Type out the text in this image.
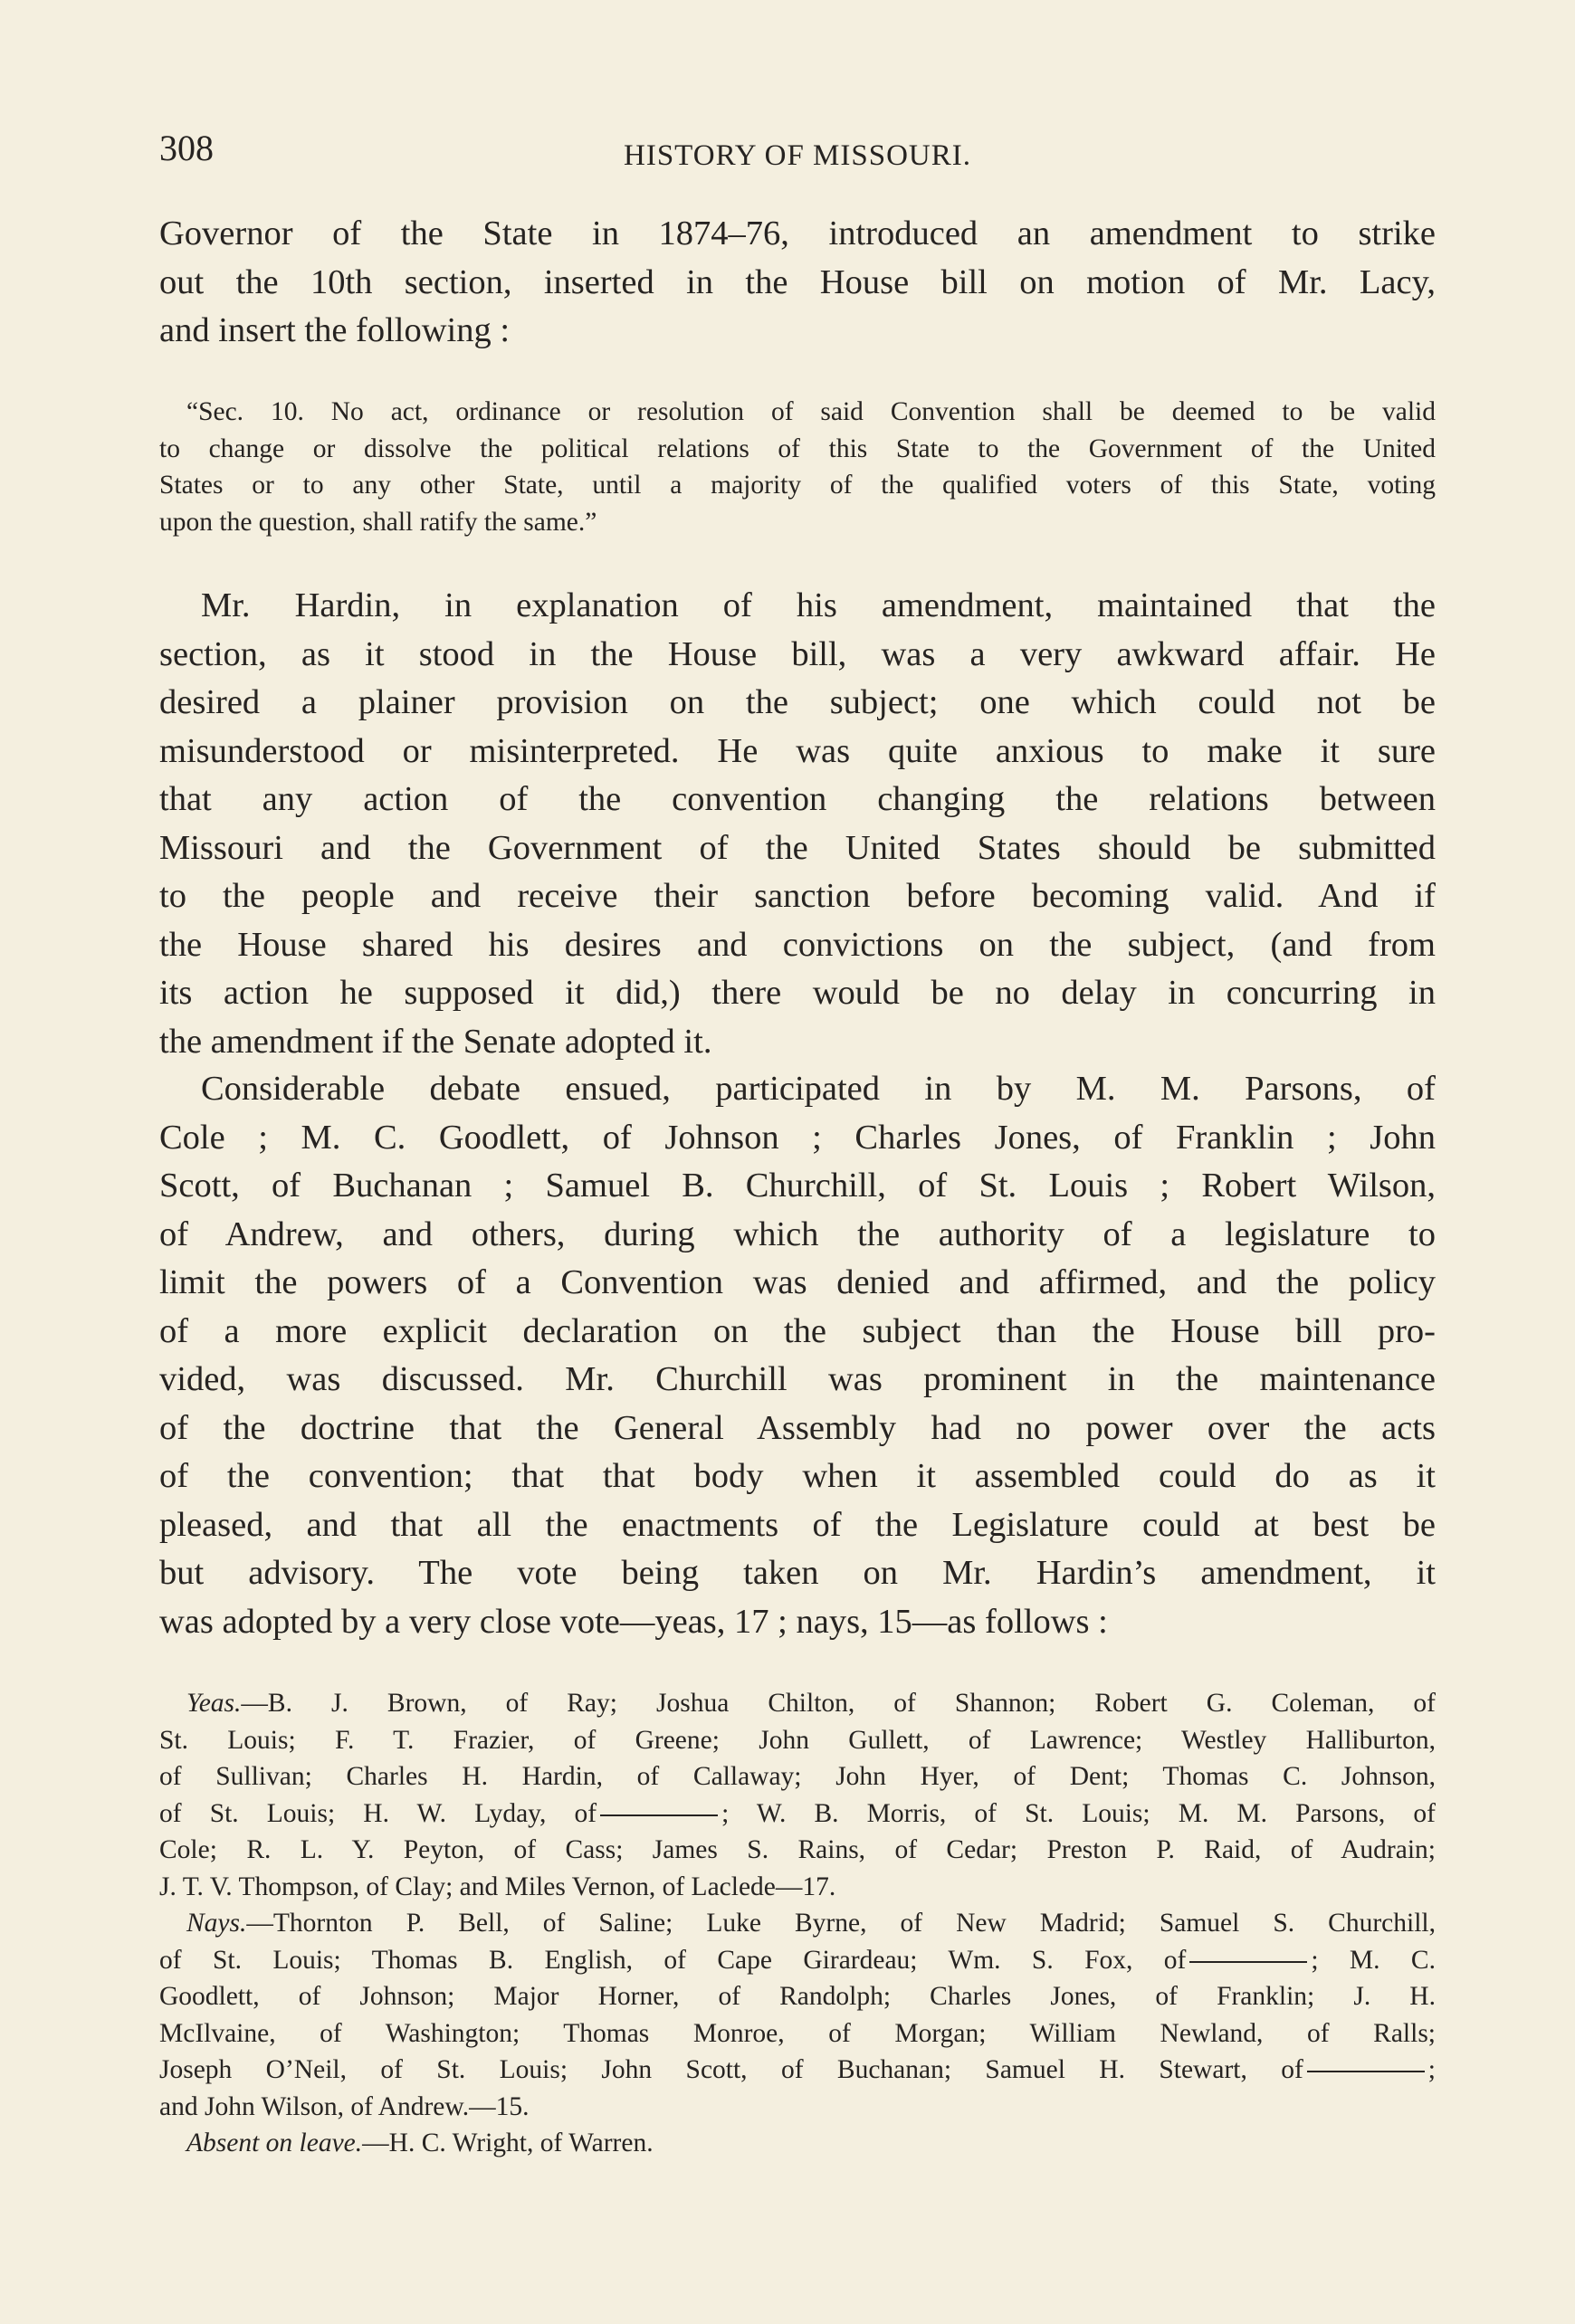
308	HISTORY OF MISSOURI.

Governor of the State in 1874–76, introduced an amendment to strike

out the 10th section, inserted in the House bill on motion of Mr. Lacy,

and insert the following :

“Sec. 10. No act, ordinance or resolution of said Convention shall be deemed to be valid

to change or dissolve the political relations of this State to the Government of the United

States or to any other State, until a majority of the qualified voters of this State, voting

upon the question, shall ratify the same.”

Mr. Hardin, in explanation of his amendment, maintained that the

section, as it stood in the House bill, was a very awkward affair. He

desired a plainer provision on the subject; one which could not be

misunderstood or misinterpreted. He was quite anxious to make it sure

that any action of the convention changing the relations between

Missouri and the Government of the United States should be submitted

to the people and receive their sanction before becoming valid. And if

the House shared his desires and convictions on the subject, (and from

its action he supposed it did,) there would be no delay in concurring in

the amendment if the Senate adopted it.

Considerable debate ensued, participated in by M. M. Parsons, of

Cole ; M. C. Goodlett, of Johnson ; Charles Jones, of Franklin ; John

Scott, of Buchanan ; Samuel B. Churchill, of St. Louis ; Robert Wilson,

of Andrew, and others, during which the authority of a legislature to

limit the powers of a Convention was denied and affirmed, and the policy

of a more explicit declaration on the subject than the House bill pro-

vided, was discussed. Mr. Churchill was prominent in the maintenance

of the doctrine that the General Assembly had no power over the acts

of the convention; that that body when it assembled could do as it

pleased, and that all the enactments of the Legislature could at best be

but advisory. The vote being taken on Mr. Hardin’s amendment, it

was adopted by a very close vote—yeas, 17 ; nays, 15—as follows :

Yeas.—B. J. Brown, of Ray; Joshua Chilton, of Shannon; Robert G. Coleman, of

St. Louis; F. T. Frazier, of Greene; John Gullett, of Lawrence; Westley Halliburton,

of Sullivan; Charles H. Hardin, of Callaway; John Hyer, of Dent; Thomas C. Johnson,

of St. Louis; H. W. Lyday, of	; W. B. Morris, of St. Louis; M. M. Parsons, of

Cole; R. L. Y. Peyton, of Cass; James S. Rains, of Cedar; Preston P. Raid, of Audrain;

J. T. V. Thompson, of Clay; and Miles Vernon, of Laclede—17.

Nays.—Thornton P. Bell, of Saline; Luke Byrne, of New Madrid; Samuel S. Churchill,

of St. Louis; Thomas B. English, of Cape Girardeau; Wm. S. Fox, of	; M. C.

Goodlett, of Johnson; Major Horner, of Randolph; Charles Jones, of Franklin; J. H.

McIlvaine, of Washington; Thomas Monroe, of Morgan; William Newland, of Ralls;

Joseph O’Neil, of St. Louis; John Scott, of Buchanan; Samuel H. Stewart, of	;

and John Wilson, of Andrew.—15.

Absent on leave.—H. C. Wright, of Warren.
